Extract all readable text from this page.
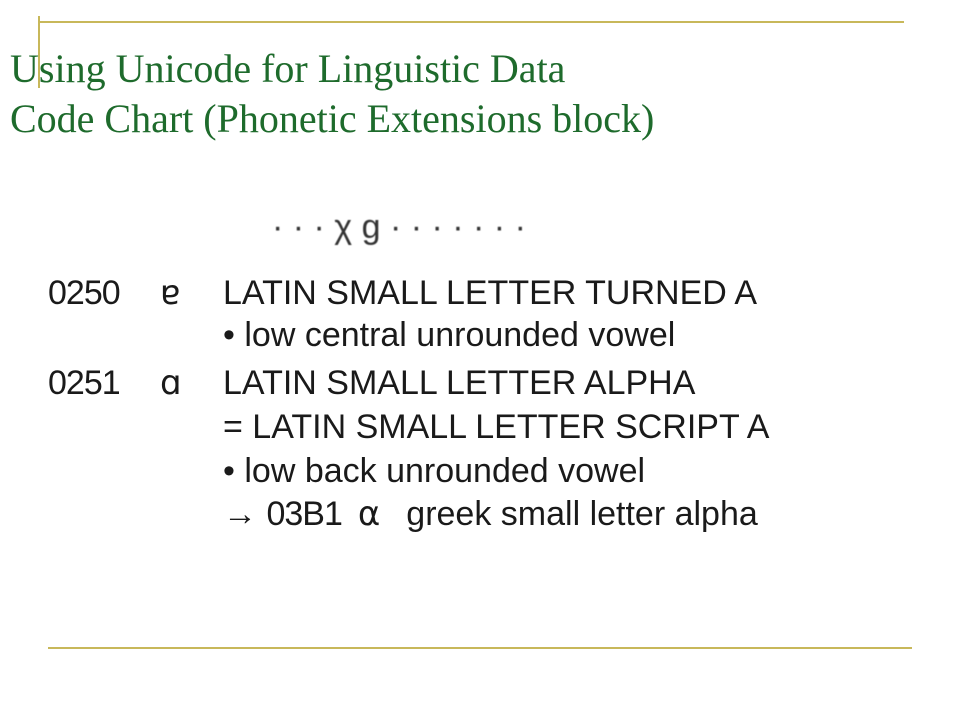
Using Unicode for Linguistic Data
Code Chart (Phonetic Extensions block)
· · · χ g · · · · · · ·
0250 ɐ LATIN SMALL LETTER TURNED A
• low central unrounded vowel
0251 ɑ LATIN SMALL LETTER ALPHA
= LATIN SMALL LETTER SCRIPT A
• low back unrounded vowel
→ 03B1 α greek small letter alpha
